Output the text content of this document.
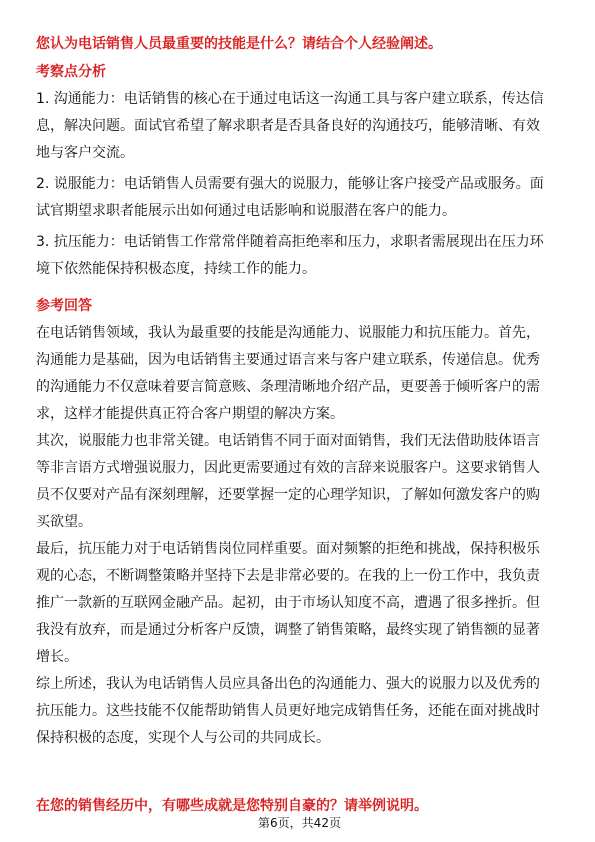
您认为电话销售人员最重要的技能是什么？请结合个人经验阐述。
考察点分析
1. 沟通能力：电话销售的核心在于通过电话这一沟通工具与客户建立联系，传达信
息，解决问题。面试官希望了解求职者是否具备良好的沟通技巧，能够清晰、有效
地与客户交流。
2. 说服能力：电话销售人员需要有强大的说服力，能够让客户接受产品或服务。面
试官期望求职者能展示出如何通过电话影响和说服潜在客户的能力。
3. 抗压能力：电话销售工作常常伴随着高拒绝率和压力，求职者需展现出在压力环
境下依然能保持积极态度，持续工作的能力。
参考回答
在电话销售领域，我认为最重要的技能是沟通能力、说服能力和抗压能力。首先，
沟通能力是基础，因为电话销售主要通过语言来与客户建立联系，传递信息。优秀
的沟通能力不仅意味着要言简意赅、条理清晰地介绍产品，更要善于倾听客户的需
求，这样才能提供真正符合客户期望的解决方案。
其次，说服能力也非常关键。电话销售不同于面对面销售，我们无法借助肢体语言
等非言语方式增强说服力，因此更需要通过有效的言辞来说服客户。这要求销售人
员不仅要对产品有深刻理解，还要掌握一定的心理学知识，了解如何激发客户的购
买欲望。
最后，抗压能力对于电话销售岗位同样重要。面对频繁的拒绝和挑战，保持积极乐
观的心态，不断调整策略并坚持下去是非常必要的。在我的上一份工作中，我负责
推广一款新的互联网金融产品。起初，由于市场认知度不高，遭遇了很多挫折。但
我没有放弃，而是通过分析客户反馈，调整了销售策略，最终实现了销售额的显著
增长。
综上所述，我认为电话销售人员应具备出色的沟通能力、强大的说服力以及优秀的
抗压能力。这些技能不仅能帮助销售人员更好地完成销售任务，还能在面对挑战时
保持积极的态度，实现个人与公司的共同成长。
在您的销售经历中，有哪些成就是您特别自豪的？请举例说明。
第6页，共42页
